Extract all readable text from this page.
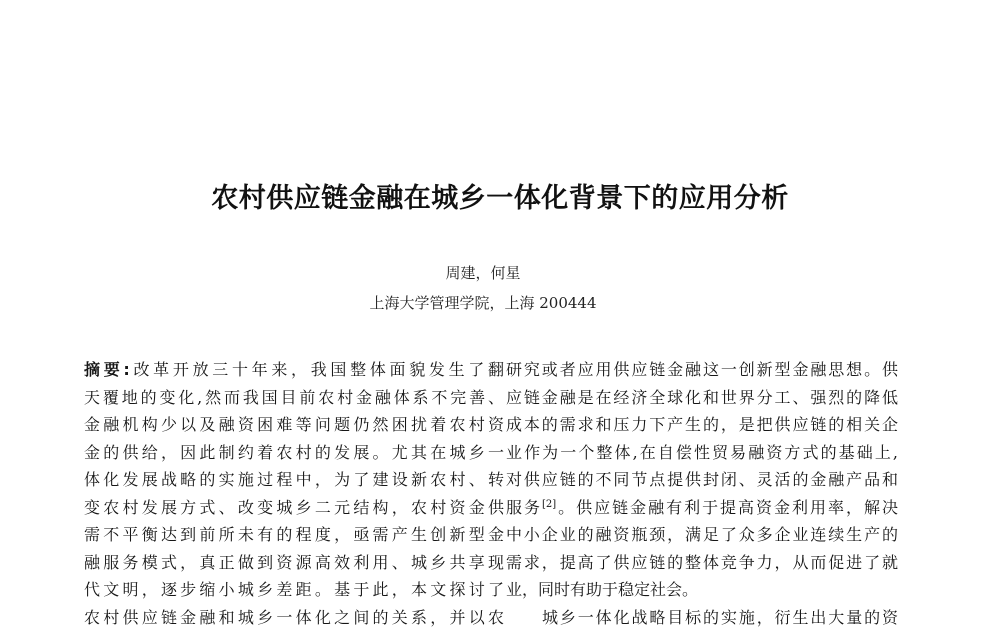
农村供应链金融在城乡一体化背景下的应用分析
周建，何星
上海大学管理学院，上海 200444
摘要:改革开放三十年来，我国整体面貌发生了翻
天覆地的变化,然而我国目前农村金融体系不完善、
金融机构少以及融资困难等问题仍然困扰着农村资
金的供给，因此制约着农村的发展。尤其在城乡一
体化发展战略的实施过程中，为了建设新农村、转
变农村发展方式、改变城乡二元结构，农村资金供
需不平衡达到前所未有的程度，亟需产生创新型金
融服务模式，真正做到资源高效利用、城乡共享现
代文明，逐步缩小城乡差距。基于此，本文探讨了
农村供应链金融和城乡一体化之间的关系，并以农
研究或者应用供应链金融这一创新型金融思想。供
应链金融是在经济全球化和世界分工、强烈的降低
成本的需求和压力下产生的，是把供应链的相关企
业作为一个整体,在自偿性贸易融资方式的基础上,
对供应链的不同节点提供封闭、灵活的金融产品和
服务[2]。供应链金融有利于提高资金利用率，解决
中小企业的融资瓶颈，满足了众多企业连续生产的
需求，提高了供应链的整体竞争力，从而促进了就
业，同时有助于稳定社会。
城乡一体化战略目标的实施，衍生出大量的资
